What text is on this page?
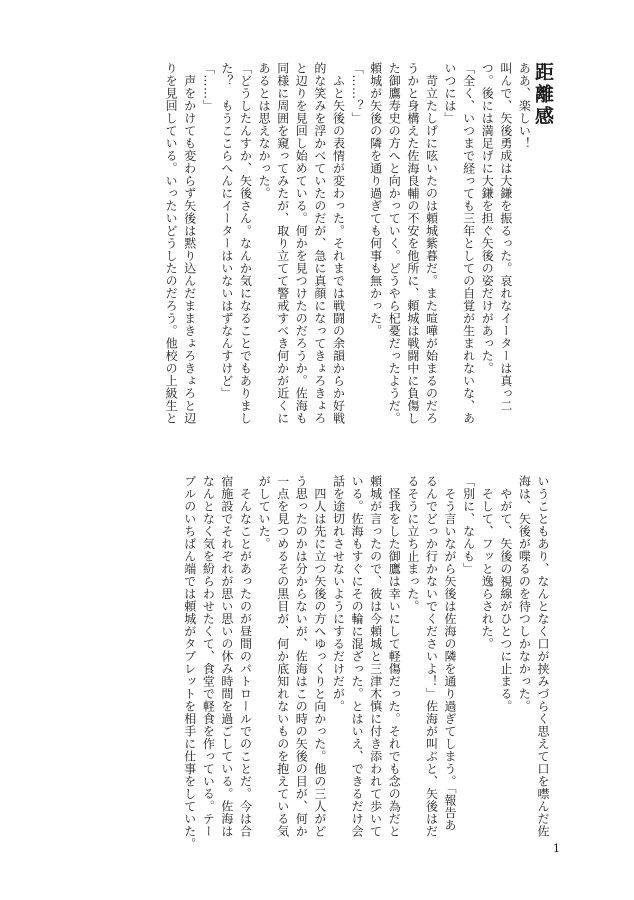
距離感
ああ、楽しい！
叫んで、矢後勇成は大鎌を振るった。哀れなイーターは真っ二
つ。後には満足げに大鎌を担ぐ矢後の姿だけがあった。
「全く、いつまで経っても三年としての自覚が生まれないな、あ
いつには」
　苛立たしげに呟いたのは頼城紫暮だ。また喧嘩が始まるのだろ
うかと身構えた佐海良輔の不安を他所に、頼城は戦闘中に負傷し
た御鷹寿史の方へと向かっていく。どうやら杞憂だったようだ。
頼城が矢後の隣を通り過ぎても何事も無かった。
「……？」
　ふと矢後の表情が変わった。それまでは戦闘の余韻からか好戦
的な笑みを浮かべていたのだが、急に真顔になってきょろきょろ
と辺りを見回し始めている。何かを見つけたのだろうか。佐海も
同様に周囲を窺ってみたが、取り立てて警戒すべき何かが近くに
あるとは思えなかった。
「どうしたんすか、矢後さん。なんか気になることでもありまし
た？　もうここらへんにイーターはいないはずなんすけど」
「……」
　声をかけても変わらず矢後は黙り込んだままきょろきょろと辺
りを見回している。いったいどうしたのだろう。他校の上級生と
いうこともあり、なんとなく口が挟みづらく思えて口を噤んだ佐
海は、矢後が喋るのを待つしかなかった。
　やがて、矢後の視線がひとつに止まる。
　そして、フッと逸らされた。
「別に、なんも」
　そう言いながら矢後は佐海の隣を通り過ぎてしまう。「報告あ
るんでどっか行かないでくださいよ！」佐海が叫ぶと、矢後はだ
るそうに立ち止まった。
　怪我をした御鷹は幸いにして軽傷だった。それでも念の為だと
頼城が言ったので、彼は今頼城と三津木慎に付き添われて歩いて
いる。佐海もすぐにその輪に混ざった。とはいえ、できるだけ会
話を途切れさせないようにするだけだが。
　四人は先に立つ矢後の方へゆっくりと向かった。他の三人がど
う思ったのかは分からないが、佐海はこの時の矢後の目が、何か
一点を見つめるその黒目が、何か底知れないものを抱えている気
がしていた。
　そんなことがあったのが昼間のパトロールでのことだ。今は合
宿施設でそれぞれが思い思いの休み時間を過ごしている。佐海は
なんとなく気を紛らわせたくて、食堂で軽食を作っている。テー
ブルのいちばん端では頼城がタブレットを相手に仕事をしていた。	1
